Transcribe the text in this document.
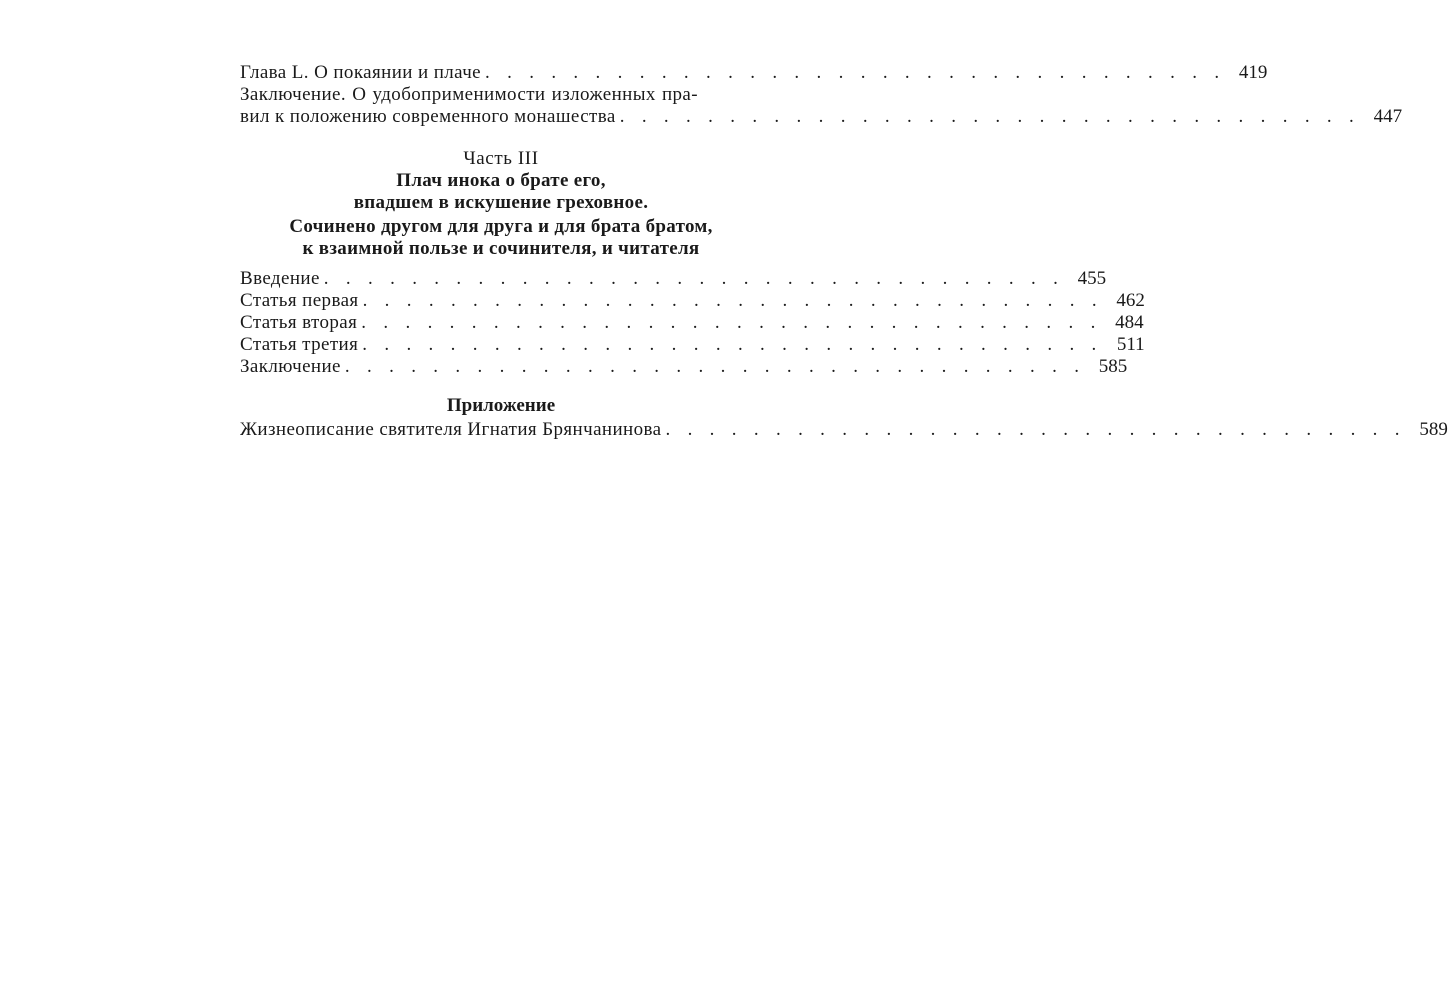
Глава L. О покаянии и плаче . . . . . . . . . . . . . . . . . . . . . . . . . . . . . . . . . . 419
Заключение. О удобоприменимости изложенных пра-
вил к положению современного монашества . . . . . . . . . . . . . . . . . . . . . . . . . . . . . . . . . . 447
Часть III
Плач инока о брате его,
впадшем в искушение греховное.
Сочинено другом для друга и для брата братом,
к взаимной пользе и сочинителя, и читателя
Введение . . . . . . . . . . . . . . . . . . . . . . . . . . . . . . . . . . 455
Статья первая . . . . . . . . . . . . . . . . . . . . . . . . . . . . . . . . . . 462
Статья вторая . . . . . . . . . . . . . . . . . . . . . . . . . . . . . . . . . . 484
Статья третия . . . . . . . . . . . . . . . . . . . . . . . . . . . . . . . . . . 511
Заключение . . . . . . . . . . . . . . . . . . . . . . . . . . . . . . . . . . 585
Приложение
Жизнеописание святителя Игнатия Брянчанинова . . . . . . . . . . . . . . . . . . . . . . . . . . . . . . . . . . 589
